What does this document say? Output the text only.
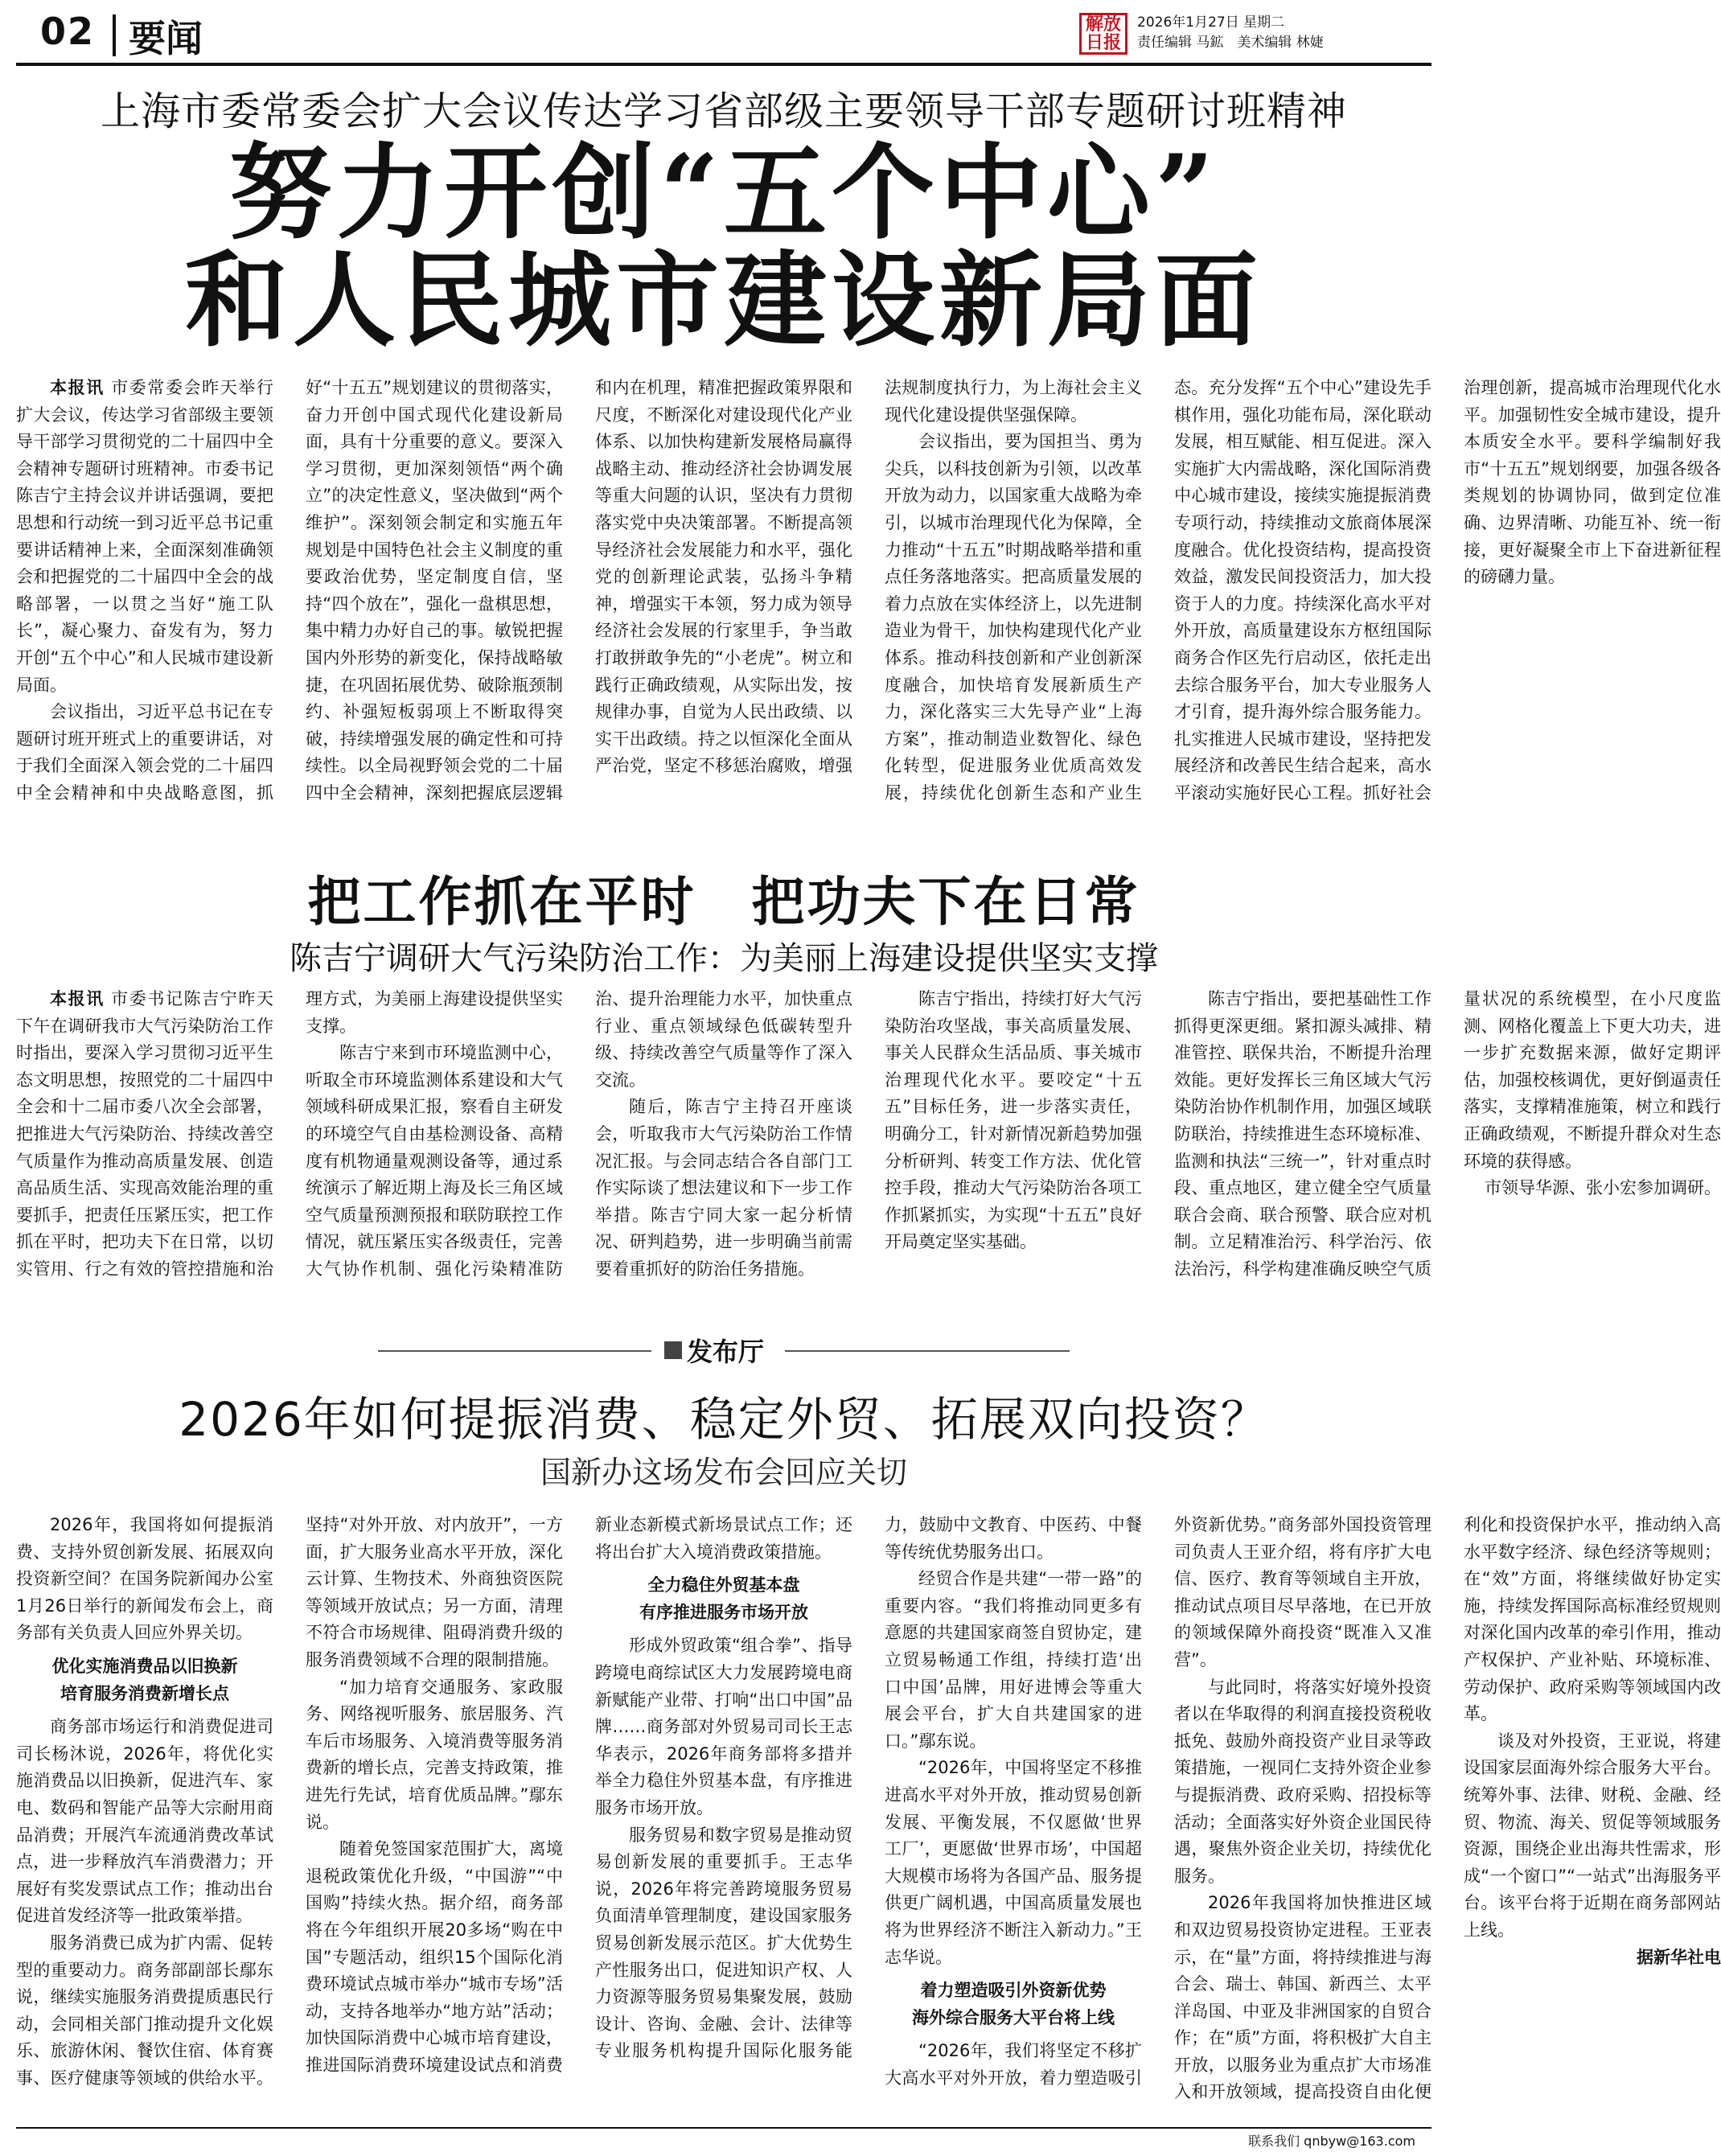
02 要闻	解放日报
2026年1月27日 星期二
责任编辑 马鉱　美术编辑 林婕
上海市委常委会扩大会议传达学习省部级主要领导干部专题研讨班精神
努力开创“五个中心”
和人民城市建设新局面
本报讯 市委常委会昨天举行扩大会议，传达学习省部级主要领导干部学习贯彻党的二十届四中全会精神专题研讨班精神。市委书记陈吉宁主持会议并讲话强调，要把思想和行动统一到习近平总书记重要讲话精神上来，全面深刻准确领会和把握党的二十届四中全会的战略部署，一以贯之当好“施工队长”，凝心聚力、奋发有为，努力开创“五个中心”和人民城市建设新局面。
会议指出，习近平总书记在专题研讨班开班式上的重要讲话，对于我们全面深入领会党的二十届四中全会精神和中央战略意图，抓好“十五五”规划建议的贯彻落实，奋力开创中国式现代化建设新局面，具有十分重要的意义。要深入学习贯彻，更加深刻领悟“两个确立”的决定性意义，坚决做到“两个维护”。深刻领会制定和实施五年规划是中国特色社会主义制度的重要政治优势，坚定制度自信，坚持“四个放在”，强化一盘棋思想，集中精力办好自己的事。敏锐把握国内外形势的新变化，保持战略敏捷，在巩固拓展优势、破除瓶颈制约、补强短板弱项上不断取得突破，持续增强发展的确定性和可持续性。以全局视野领会党的二十届四中全会精神，深刻把握底层逻辑和内在机理，精准把握政策界限和尺度，不断深化对建设现代化产业体系、以加快构建新发展格局赢得战略主动、推动经济社会协调发展等重大问题的认识，坚决有力贯彻落实党中央决策部署。不断提高领导经济社会发展能力和水平，强化党的创新理论武装，弘扬斗争精神，增强实干本领，努力成为领导经济社会发展的行家里手，争当敢打敢拼敢争先的“小老虎”。树立和践行正确政绩观，从实际出发，按规律办事，自觉为人民出政绩、以实干出政绩。持之以恒深化全面从严治党，坚定不移惩治腐败，增强法规制度执行力，为上海社会主义现代化建设提供坚强保障。
会议指出，要为国担当、勇为尖兵，以科技创新为引领，以改革开放为动力，以国家重大战略为牵引，以城市治理现代化为保障，全力推动“十五五”时期战略举措和重点任务落地落实。把高质量发展的着力点放在实体经济上，以先进制造业为骨干，加快构建现代化产业体系。推动科技创新和产业创新深度融合，加快培育发展新质生产力，深化落实三大先导产业“上海方案”，推动制造业数智化、绿色化转型，促进服务业优质高效发展，持续优化创新生态和产业生态。充分发挥“五个中心”建设先手棋作用，强化功能布局，深化联动发展，相互赋能、相互促进。深入实施扩大内需战略，深化国际消费中心城市建设，接续实施提振消费专项行动，持续推动文旅商体展深度融合。优化投资结构，提高投资效益，激发民间投资活力，加大投资于人的力度。持续深化高水平对外开放，高质量建设东方枢纽国际商务合作区先行启动区，依托走出去综合服务平台，加大专业服务人才引育，提升海外综合服务能力。扎实推进人民城市建设，坚持把发展经济和改善民生结合起来，高水平滚动实施好民心工程。抓好社会治理创新，提高城市治理现代化水平。加强韧性安全城市建设，提升本质安全水平。要科学编制好我市“十五五”规划纲要，加强各级各类规划的协调协同，做到定位准确、边界清晰、功能互补、统一衔接，更好凝聚全市上下奋进新征程的磅礴力量。
把工作抓在平时　把功夫下在日常
陈吉宁调研大气污染防治工作：为美丽上海建设提供坚实支撑
本报讯 市委书记陈吉宁昨天下午在调研我市大气污染防治工作时指出，要深入学习贯彻习近平生态文明思想，按照党的二十届四中全会和十二届市委八次全会部署，把推进大气污染防治、持续改善空气质量作为推动高质量发展、创造高品质生活、实现高效能治理的重要抓手，把责任压紧压实，把工作抓在平时，把功夫下在日常，以切实管用、行之有效的管控措施和治理方式，为美丽上海建设提供坚实支撑。
陈吉宁来到市环境监测中心，听取全市环境监测体系建设和大气领域科研成果汇报，察看自主研发的环境空气自由基检测设备、高精度有机物通量观测设备等，通过系统演示了解近期上海及长三角区域空气质量预测预报和联防联控工作情况，就压紧压实各级责任，完善大气协作机制、强化污染精准防治、提升治理能力水平，加快重点行业、重点领域绿色低碳转型升级、持续改善空气质量等作了深入交流。
随后，陈吉宁主持召开座谈会，听取我市大气污染防治工作情况汇报。与会同志结合各自部门工作实际谈了想法建议和下一步工作举措。陈吉宁同大家一起分析情况、研判趋势，进一步明确当前需要着重抓好的防治任务措施。
陈吉宁指出，持续打好大气污染防治攻坚战，事关高质量发展、事关人民群众生活品质、事关城市治理现代化水平。要咬定“十五五”目标任务，进一步落实责任，明确分工，针对新情况新趋势加强分析研判、转变工作方法、优化管控手段，推动大气污染防治各项工作抓紧抓实，为实现“十五五”良好开局奠定坚实基础。
陈吉宁指出，要把基础性工作抓得更深更细。紧扣源头减排、精准管控、联保共治，不断提升治理效能。更好发挥长三角区域大气污染防治协作机制作用，加强区域联防联治，持续推进生态环境标准、监测和执法“三统一”，针对重点时段、重点地区，建立健全空气质量联合会商、联合预警、联合应对机制。立足精准治污、科学治污、依法治污，科学构建准确反映空气质量状况的系统模型，在小尺度监测、网格化覆盖上下更大功夫，进一步扩充数据来源，做好定期评估，加强校核调优，更好倒逼责任落实，支撑精准施策，树立和践行正确政绩观，不断提升群众对生态环境的获得感。
市领导华源、张小宏参加调研。
发布厅
2026年如何提振消费、稳定外贸、拓展双向投资？
国新办这场发布会回应关切
2026年，我国将如何提振消费、支持外贸创新发展、拓展双向投资新空间？在国务院新闻办公室1月26日举行的新闻发布会上，商务部有关负责人回应外界关切。
优化实施消费品以旧换新
培育服务消费新增长点
商务部市场运行和消费促进司司长杨沐说，2026年，将优化实施消费品以旧换新，促进汽车、家电、数码和智能产品等大宗耐用商品消费；开展汽车流通消费改革试点，进一步释放汽车消费潜力；开展好有奖发票试点工作；推动出台促进首发经济等一批政策举措。
服务消费已成为扩内需、促转型的重要动力。商务部副部长鄢东说，继续实施服务消费提质惠民行动，会同相关部门推动提升文化娱乐、旅游休闲、餐饮住宿、体育赛事、医疗健康等领域的供给水平。坚持“对外开放、对内放开”，一方面，扩大服务业高水平开放，深化云计算、生物技术、外商独资医院等领域开放试点；另一方面，清理不符合市场规律、阻碍消费升级的服务消费领域不合理的限制措施。
“加力培育交通服务、家政服务、网络视听服务、旅居服务、汽车后市场服务、入境消费等服务消费新的增长点，完善支持政策，推进先行先试，培育优质品牌。”鄢东说。
随着免签国家范围扩大，离境退税政策优化升级，“中国游”“中国购”持续火热。据介绍，商务部将在今年组织开展20多场“购在中国”专题活动，组织15个国际化消费环境试点城市举办“城市专场”活动，支持各地举办“地方站”活动；加快国际消费中心城市培育建设，推进国际消费环境建设试点和消费新业态新模式新场景试点工作；还将出台扩大入境消费政策措施。
全力稳住外贸基本盘
有序推进服务市场开放
形成外贸政策“组合拳”、指导跨境电商综试区大力发展跨境电商新赋能产业带、打响“出口中国”品牌……商务部对外贸易司司长王志华表示，2026年商务部将多措并举全力稳住外贸基本盘，有序推进服务市场开放。
服务贸易和数字贸易是推动贸易创新发展的重要抓手。王志华说，2026年将完善跨境服务贸易负面清单管理制度，建设国家服务贸易创新发展示范区。扩大优势生产性服务出口，促进知识产权、人力资源等服务贸易集聚发展，鼓励设计、咨询、金融、会计、法律等专业服务机构提升国际化服务能力，鼓励中文教育、中医药、中餐等传统优势服务出口。
经贸合作是共建“一带一路”的重要内容。“我们将推动同更多有意愿的共建国家商签自贸协定，建立贸易畅通工作组，持续打造‘出口中国’品牌，用好进博会等重大展会平台，扩大自共建国家的进口。”鄢东说。
“2026年，中国将坚定不移推进高水平对外开放，推动贸易创新发展、平衡发展，不仅愿做‘世界工厂’，更愿做‘世界市场’，中国超大规模市场将为各国产品、服务提供更广阔机遇，中国高质量发展也将为世界经济不断注入新动力。”王志华说。
着力塑造吸引外资新优势
海外综合服务大平台将上线
“2026年，我们将坚定不移扩大高水平对外开放，着力塑造吸引外资新优势。”商务部外国投资管理司负责人王亚介绍，将有序扩大电信、医疗、教育等领域自主开放，推动试点项目尽早落地，在已开放的领域保障外商投资“既准入又准营”。
与此同时，将落实好境外投资者以在华取得的利润直接投资税收抵免、鼓励外商投资产业目录等政策措施，一视同仁支持外资企业参与提振消费、政府采购、招投标等活动；全面落实好外资企业国民待遇，聚焦外资企业关切，持续优化服务。
2026年我国将加快推进区域和双边贸易投资协定进程。王亚表示，在“量”方面，将持续推进与海合会、瑞士、韩国、新西兰、太平洋岛国、中亚及非洲国家的自贸合作；在“质”方面，将积极扩大自主开放，以服务业为重点扩大市场准入和开放领域，提高投资自由化便利化和投资保护水平，推动纳入高水平数字经济、绿色经济等规则；在“效”方面，将继续做好协定实施，持续发挥国际高标准经贸规则对深化国内改革的牵引作用，推动产权保护、产业补贴、环境标准、劳动保护、政府采购等领域国内改革。
谈及对外投资，王亚说，将建设国家层面海外综合服务大平台。统筹外事、法律、财税、金融、经贸、物流、海关、贸促等领域服务资源，围绕企业出海共性需求，形成“一个窗口”“一站式”出海服务平台。该平台将于近期在商务部网站上线。
据新华社电
联系我们 qnbyw@163.com
